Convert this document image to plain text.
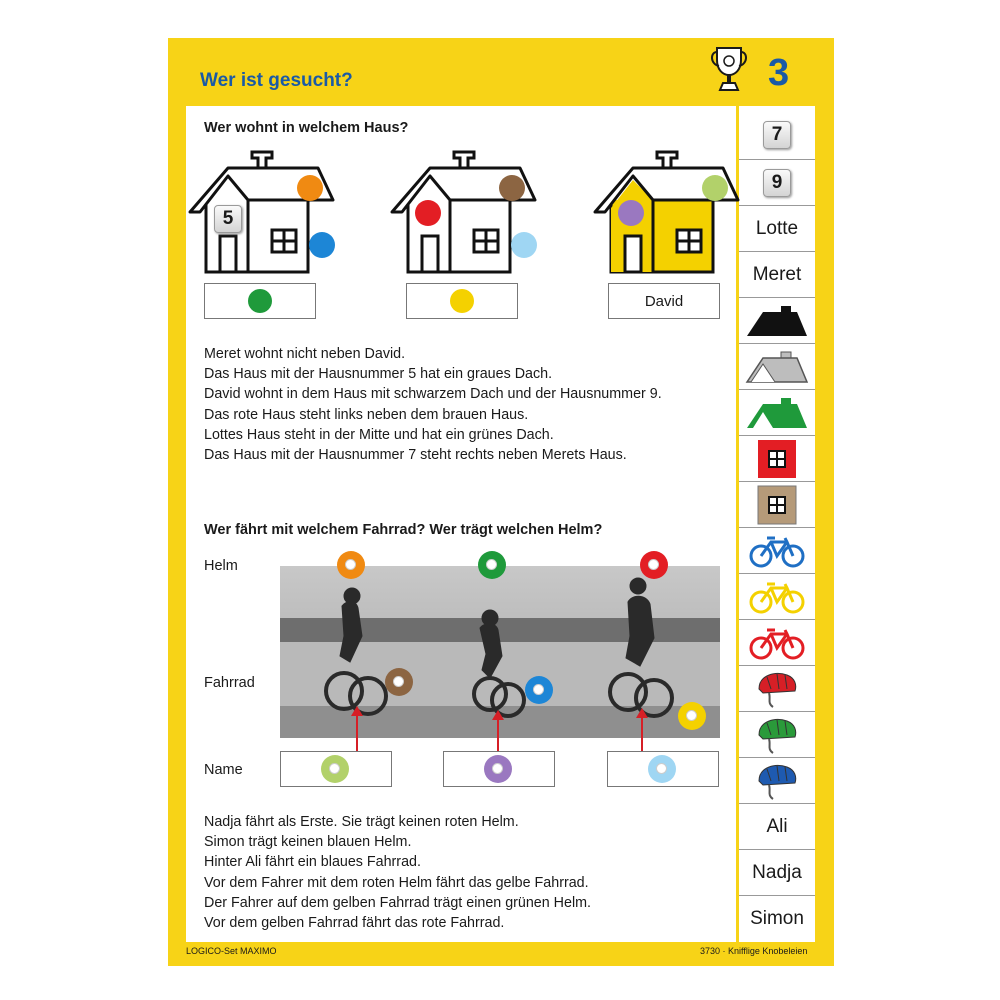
Wer ist gesucht?	3
Wer wohnt in welchem Haus?
5
David
Meret wohnt nicht neben David.
Das Haus mit der Hausnummer 5 hat ein graues Dach.
David wohnt in dem Haus mit schwarzem Dach und der Hausnummer 9.
Das rote Haus steht links neben dem brauen Haus.
Lottes Haus steht in der Mitte und hat ein grünes Dach.
Das Haus mit der Hausnummer 7 steht rechts neben Merets Haus.
Wer fährt mit welchem Fahrrad? Wer trägt welchen Helm?
Helm
Fahrrad
Name
Nadja fährt als Erste. Sie trägt keinen roten Helm.
Simon trägt keinen blauen Helm.
Hinter Ali fährt ein blaues Fahrrad.
Vor dem Fahrer mit dem roten Helm fährt das gelbe Fahrrad.
Der Fahrer auf dem gelben Fahrrad trägt einen grünen Helm.
Vor dem gelben Fahrrad fährt das rote Fahrrad.
7
9
Lotte
Meret
Ali
Nadja
Simon
LOGICO-Set MAXIMO	3730 · Knifflige Knobeleien
